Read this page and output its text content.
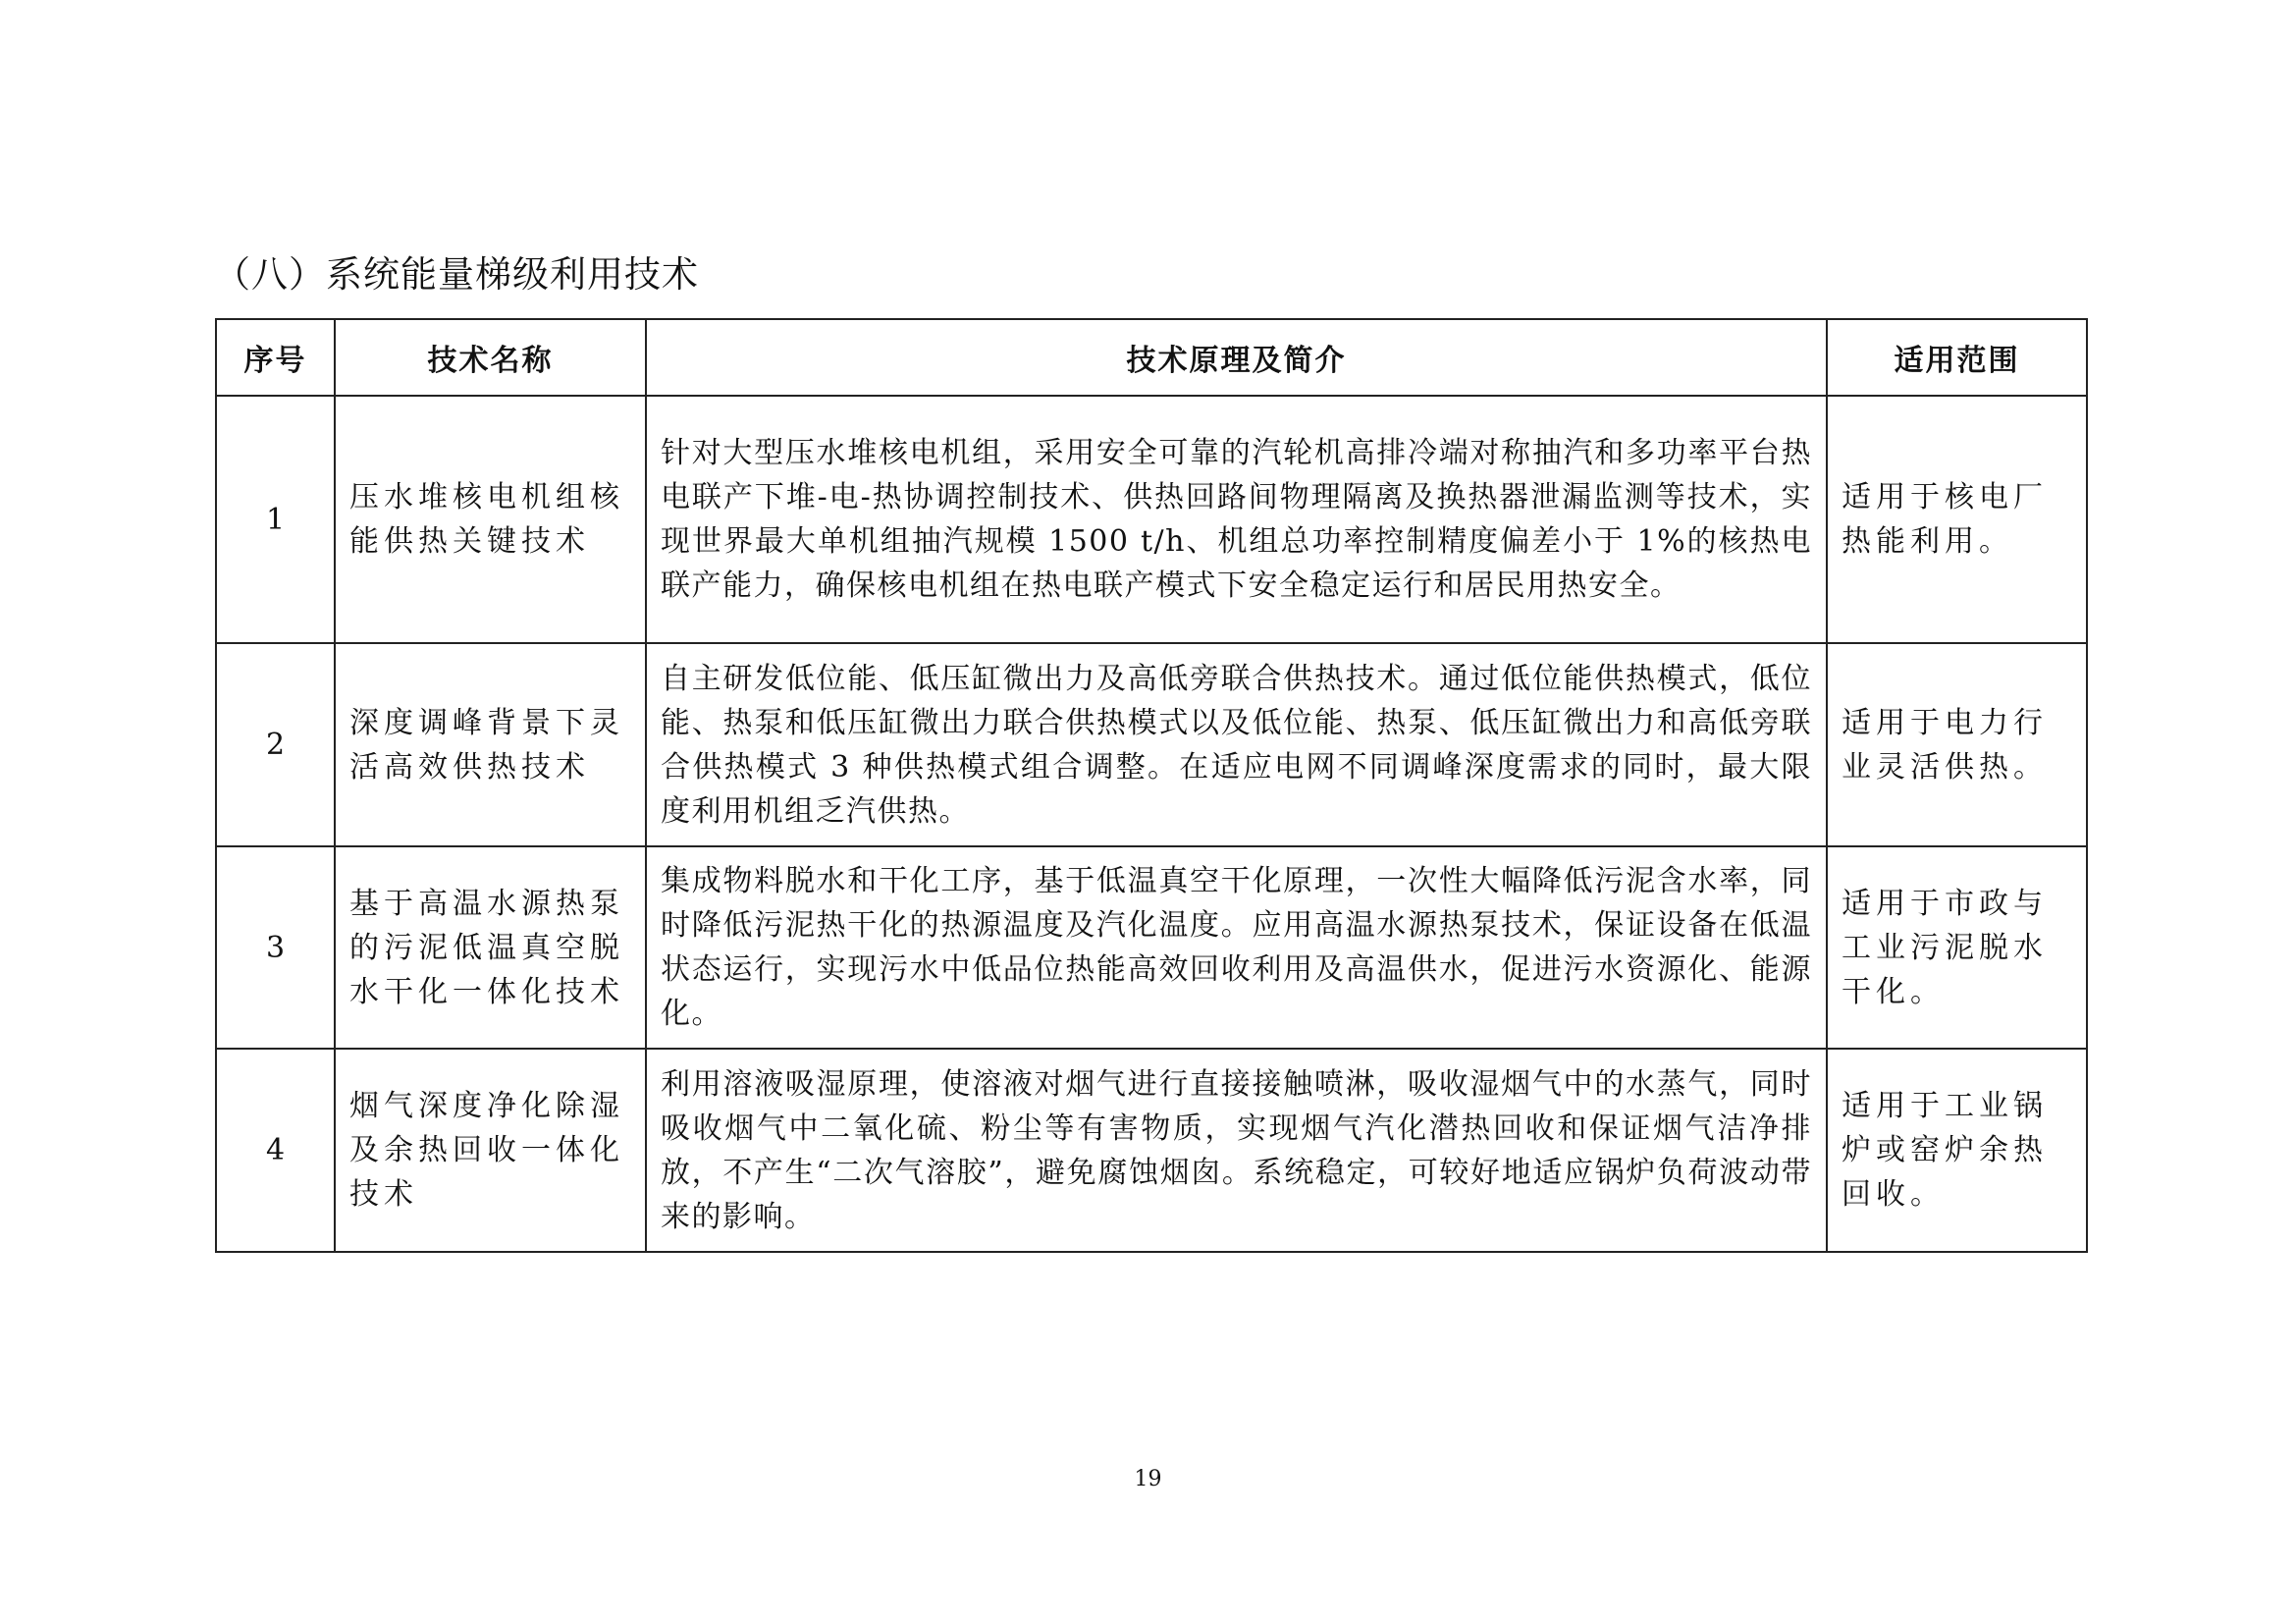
（八）系统能量梯级利用技术
序号	技术名称	技术原理及简介	适用范围
1	压水堆核电机组核能供热关键技术	针对大型压水堆核电机组，采用安全可靠的汽轮机高排冷端对称抽汽和多功率平台热电联产下堆-电-热协调控制技术、供热回路间物理隔离及换热器泄漏监测等技术，实现世界最大单机组抽汽规模 1500 t/h、机组总功率控制精度偏差小于 1%的核热电联产能力，确保核电机组在热电联产模式下安全稳定运行和居民用热安全。	适用于核电厂热能利用。
2	深度调峰背景下灵活高效供热技术	自主研发低位能、低压缸微出力及高低旁联合供热技术。通过低位能供热模式，低位能、热泵和低压缸微出力联合供热模式以及低位能、热泵、低压缸微出力和高低旁联合供热模式 3 种供热模式组合调整。在适应电网不同调峰深度需求的同时，最大限度利用机组乏汽供热。	适用于电力行业灵活供热。
3	基于高温水源热泵的污泥低温真空脱水干化一体化技术	集成物料脱水和干化工序，基于低温真空干化原理，一次性大幅降低污泥含水率，同时降低污泥热干化的热源温度及汽化温度。应用高温水源热泵技术，保证设备在低温状态运行，实现污水中低品位热能高效回收利用及高温供水，促进污水资源化、能源化。	适用于市政与工业污泥脱水干化。
4	烟气深度净化除湿及余热回收一体化技术	利用溶液吸湿原理，使溶液对烟气进行直接接触喷淋，吸收湿烟气中的水蒸气，同时吸收烟气中二氧化硫、粉尘等有害物质，实现烟气汽化潜热回收和保证烟气洁净排放，不产生“二次气溶胶”，避免腐蚀烟囱。系统稳定，可较好地适应锅炉负荷波动带来的影响。	适用于工业锅炉或窑炉余热回收。
19
